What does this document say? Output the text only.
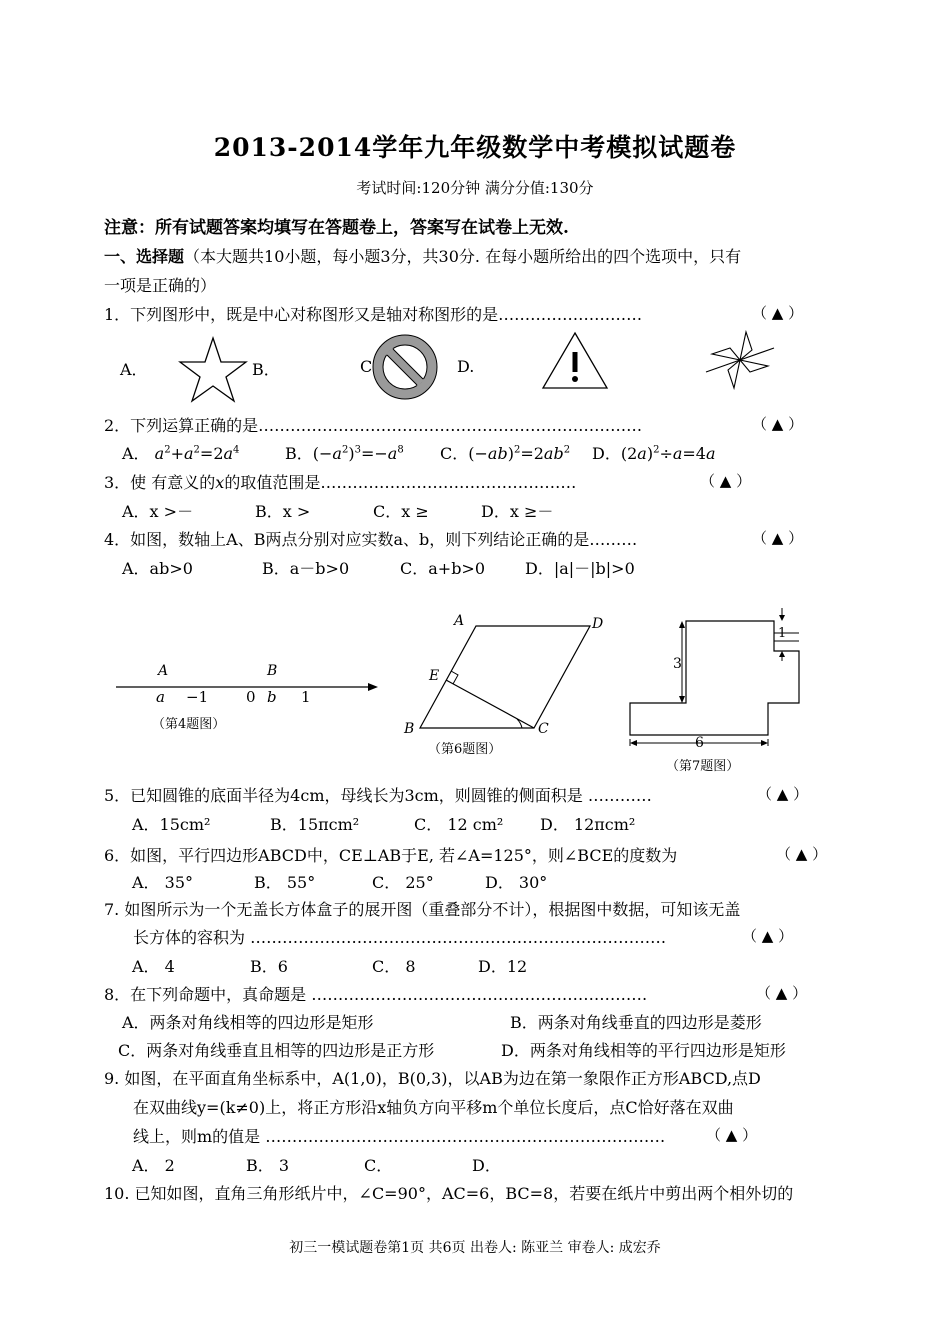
2013-2014学年九年级数学中考模拟试题卷
考试时间:120分钟 满分分值:130分
注意：所有试题答案均填写在答题卷上，答案写在试卷上无效.
一、选择题（本大题共10小题，每小题3分，共30分. 在每小题所给出的四个选项中，只有
一项是正确的）
1．下列图形中，既是中心对称图形又是轴对称图形的是………………………	（ ▲ ）
A．	B．	C	D.
2．下列运算正确的是………………………………………………………………	（ ▲ ）
A． $a^2+a^2=2a^4$	B．$(-a^2)^3=-a^8$ C．$(-ab)^2=2ab^2$ D．$(2a)^2\div a=4a$
3．使 有意义的x的取值范围是…………………………………………	（ ▲ ）
A．x >－	B．x >	C．x ≥	D．x ≥－
4．如图，数轴上A、B两点分别对应实数a、b，则下列结论正确的是………	（ ▲ ）
A．ab>0	B．a－b>0	C．a+b>0 D．|a|－|b|>0
A	B
a −1	0 b 1
（第4题图）
A	D
E
B	C
（第6题图）
1
3
6
（第7题图）
5．已知圆锥的底面半径为4cm，母线长为3cm，则圆锥的侧面积是 …………	（ ▲ ）
A．15cm²	B．15πcm²	C． 12 cm² D． 12πcm²
6．如图，平行四边形ABCD中，CE⊥AB于E, 若∠A=125°，则∠BCE的度数为	（ ▲ ）
A． 35°	B． 55°	C． 25°	D． 30°
7. 如图所示为一个无盖长方体盒子的展开图（重叠部分不计），根据图中数据，可知该无盖
长方体的容积为 ……………………………………………………………………	（ ▲ ）
A． 4	B．6	C． 8	D．12
8．在下列命题中，真命题是 ………………………………………………………	（ ▲ ）
A．两条对角线相等的四边形是矩形	B．两条对角线垂直的四边形是菱形
C．两条对角线垂直且相等的四边形是正方形	D．两条对角线相等的平行四边形是矩形
9. 如图，在平面直角坐标系中，A(1,0)，B(0,3)，以AB为边在第一象限作正方形ABCD,点D
在双曲线y=(k≠0)上，将正方形沿x轴负方向平移m个单位长度后，点C恰好落在双曲
线上，则m的值是 …………………………………………………………………	（ ▲ ）
A． 2	B． 3	C．	D．
10. 已知如图，直角三角形纸片中，∠C=90°，AC=6，BC=8，若要在纸片中剪出两个相外切的
初三一模试题卷第1页 共6页 出卷人: 陈亚兰 审卷人: 成宏乔
